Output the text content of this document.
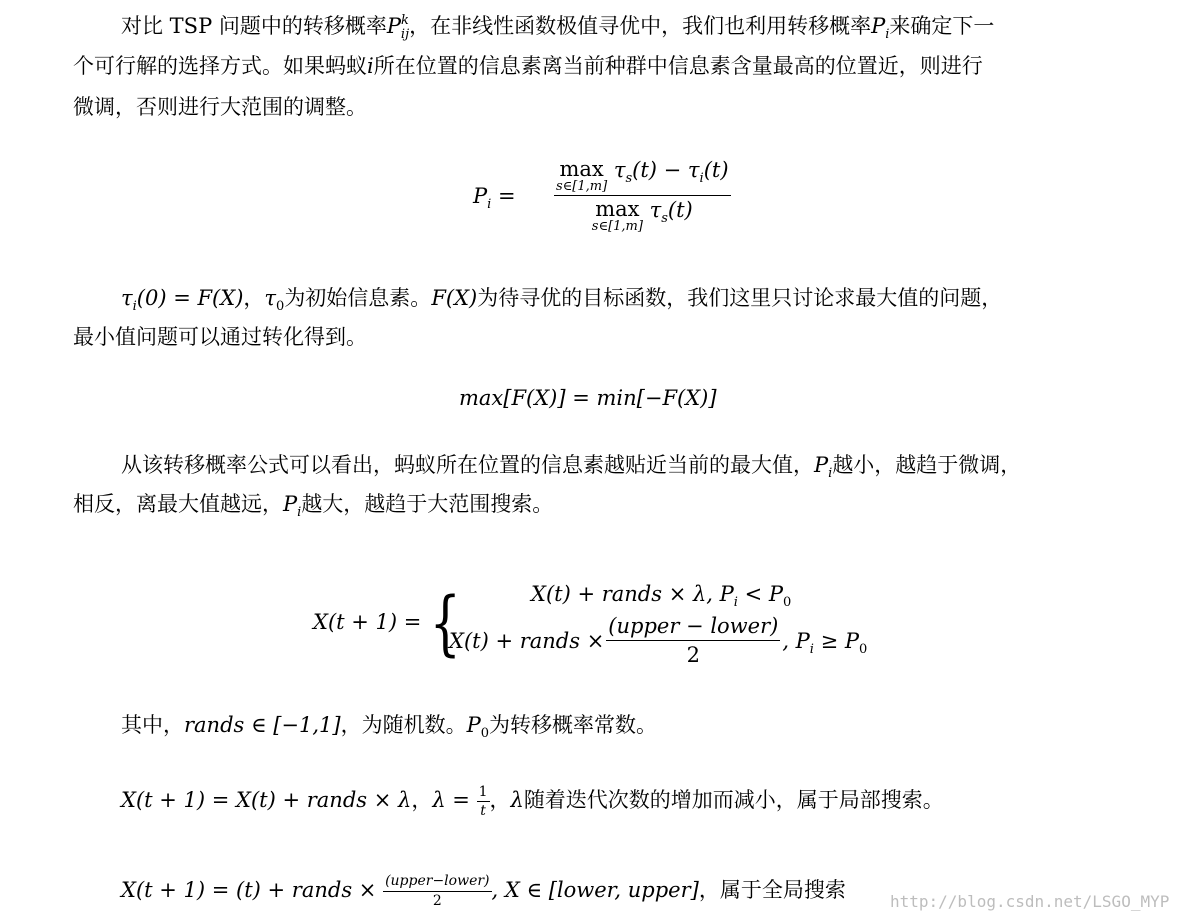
对比 TSP 问题中的转移概率$P^k_{ij}$，在非线性函数极值寻优中，我们也利用转移概率$P_i$来确定下一
个可行解的选择方式。如果蚂蚁i所在位置的信息素离当前种群中信息素含量最高的位置近，则进行
微调，否则进行大范围的调整。
$P_i = \max$
s∈[1,m]
$\tau_s(t) - \tau_i(t)$
max
s∈[1,m]
$\tau_s(t)$
$\tau_i(0) = F(X)$，$\tau_0$为初始信息素。F(X)为待寻优的目标函数，我们这里只讨论求最大值的问题，
最小值问题可以通过转化得到。
max[F(X)] = min[−F(X)]
从该转移概率公式可以看出，蚂蚁所在位置的信息素越贴近当前的最大值，$P_i$越小，越趋于微调，
相反，离最大值越远，$P_i$越大，越趋于大范围搜索。
X(t + 1) = {	X(t) + rands × λ, $P_i < P_0$
X(t) + rands × $\frac{\text{(upper − lower)}}{2}$ , $P_i \ge P_0$
其中，rands ∈ [−1,1]，为随机数。$P_0$为转移概率常数。
X(t + 1) = X(t) + rands × λ，$\lambda = \frac{1}{t}$ ，λ随着迭代次数的增加而减小，属于局部搜索。
X(t + 1) = (t) + rands × $\frac{\text{(upper−lower)}}{2}$ , X ∈ [lower, upper]，属于全局搜索	http://blog.csdn.net/LSGO_MYP
